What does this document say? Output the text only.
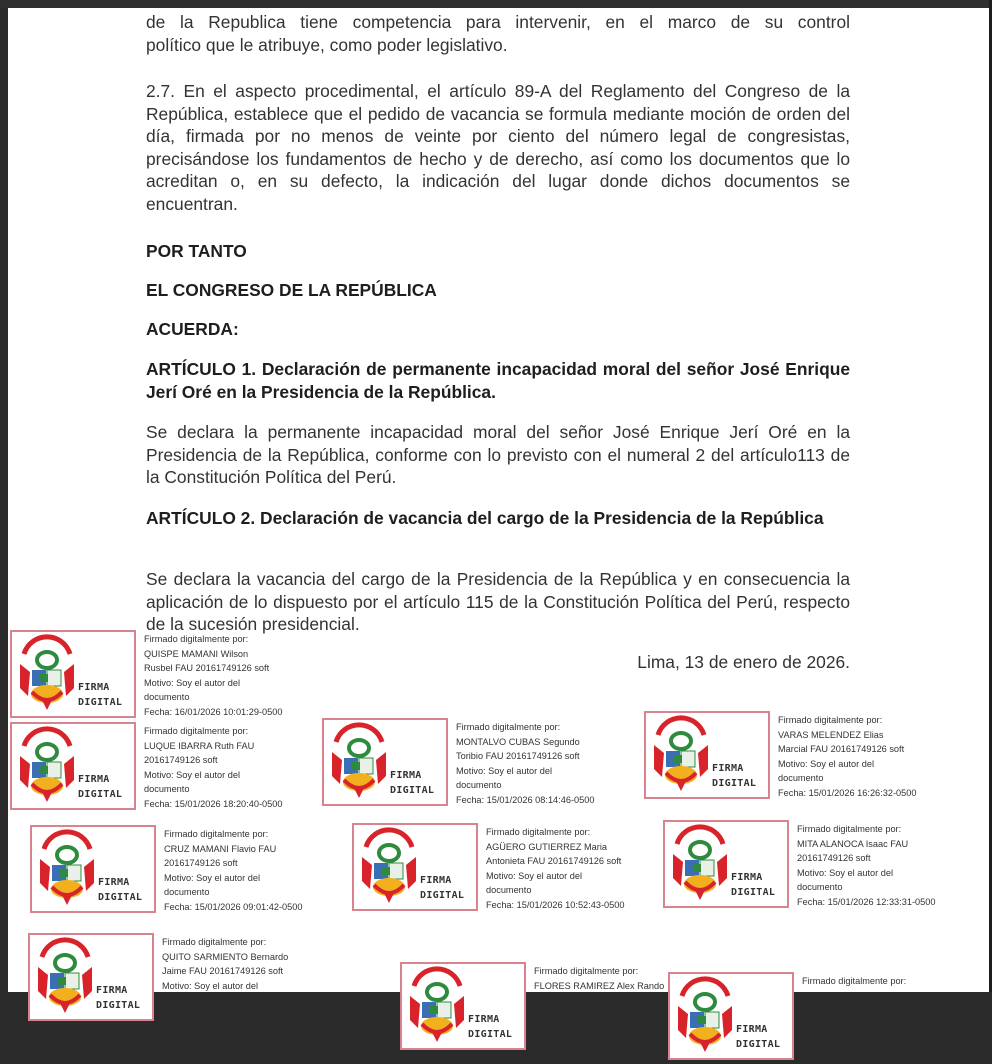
de la Republica tiene competencia para intervenir, en el marco de su control

político que le atribuye, como poder legislativo.

2.7. En el aspecto procedimental, el artículo 89-A del Reglamento del Congreso de la República, establece que el pedido de vacancia se formula mediante moción de orden del día, firmada por no menos de veinte por ciento del número legal de congresistas, precisándose los fundamentos de hecho y de derecho, así como los documentos que lo acreditan o, en su defecto, la indicación del lugar donde dichos documentos se encuentran.

POR TANTO
EL CONGRESO DE LA REPÚBLICA
ACUERDA:
ARTÍCULO 1. Declaración de permanente incapacidad moral del señor José Enrique Jerí Oré en la Presidencia de la República.
Se declara la permanente incapacidad moral del señor José Enrique Jerí Oré en la Presidencia de la República, conforme con lo previsto con el numeral 2 del artículo113 de la Constitución Política del Perú.
ARTÍCULO 2. Declaración de vacancia del cargo de la Presidencia de la República
Se declara la vacancia del cargo de la Presidencia de la República y en consecuencia la aplicación de lo dispuesto por el artículo 115 de la Constitución Política del Perú, respecto de la sucesión presidencial.
Lima, 13 de enero de 2026.
FIRMA
DIGITAL
Firmado digitalmente por:
QUISPE MAMANI Wilson
Rusbel FAU 20161749126 soft
Motivo: Soy el autor del
documento
Fecha: 16/01/2026 10:01:29-0500
FIRMA
DIGITAL
Firmado digitalmente por:
LUQUE IBARRA Ruth FAU
20161749126 soft
Motivo: Soy el autor del
documento
Fecha: 15/01/2026 18:20:40-0500
FIRMA
DIGITAL
Firmado digitalmente por:
MONTALVO CUBAS Segundo
Toribio FAU 20161749126 soft
Motivo: Soy el autor del
documento
Fecha: 15/01/2026 08:14:46-0500
FIRMA
DIGITAL
Firmado digitalmente por:
VARAS MELENDEZ Elias
Marcial FAU 20161749126 soft
Motivo: Soy el autor del
documento
Fecha: 15/01/2026 16:26:32-0500
FIRMA
DIGITAL
Firmado digitalmente por:
CRUZ MAMANI Flavio FAU
20161749126 soft
Motivo: Soy el autor del
documento
Fecha: 15/01/2026 09:01:42-0500
FIRMA
DIGITAL
Firmado digitalmente por:
AGÜERO GUTIERREZ Maria
Antonieta FAU 20161749126 soft
Motivo: Soy el autor del
documento
Fecha: 15/01/2026 10:52:43-0500
FIRMA
DIGITAL
Firmado digitalmente por:
MITA ALANOCA Isaac FAU
20161749126 soft
Motivo: Soy el autor del
documento
Fecha: 15/01/2026 12:33:31-0500
FIRMA
DIGITAL
Firmado digitalmente por:
QUITO SARMIENTO Bernardo
Jaime FAU 20161749126 soft
Motivo: Soy el autor del
FIRMA
DIGITAL
Firmado digitalmente por:
FLORES RAMIREZ Alex Rando
FIRMA
DIGITAL
Firmado digitalmente por:
